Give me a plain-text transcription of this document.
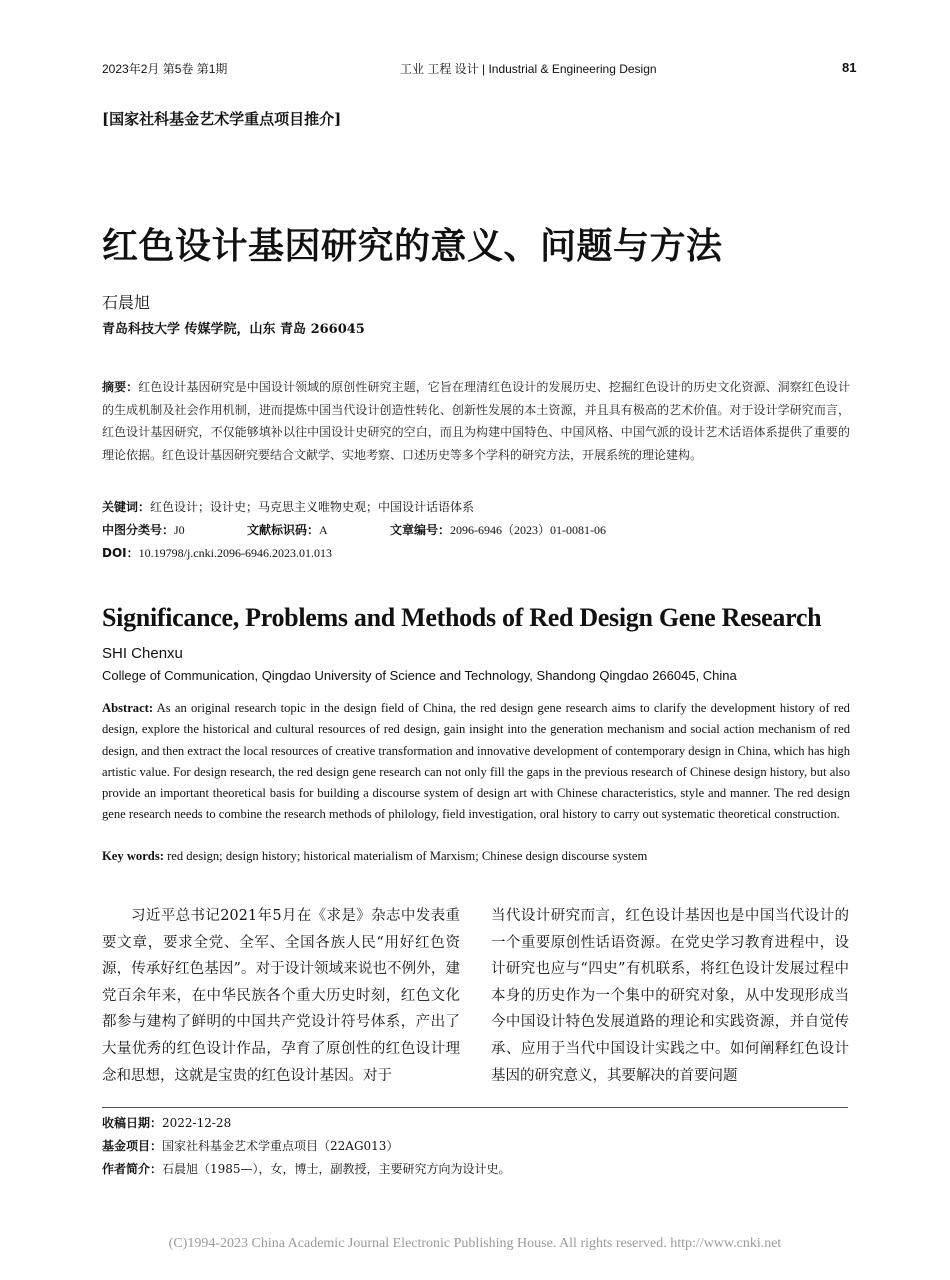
2023年2月 第5卷 第1期	工业 工程 设计 | Industrial & Engineering Design	81
[国家社科基金艺术学重点项目推介]
红色设计基因研究的意义、问题与方法
石晨旭
青岛科技大学 传媒学院，山东 青岛 266045
摘要：红色设计基因研究是中国设计领域的原创性研究主题，它旨在理清红色设计的发展历史、挖掘红色设计的历史文化资源、洞察红色设计的生成机制及社会作用机制，进而提炼中国当代设计创造性转化、创新性发展的本土资源，并且具有极高的艺术价值。对于设计学研究而言，红色设计基因研究，不仅能够填补以往中国设计史研究的空白，而且为构建中国特色、中国风格、中国气派的设计艺术话语体系提供了重要的理论依据。红色设计基因研究要结合文献学、实地考察、口述历史等多个学科的研究方法，开展系统的理论建构。
关键词：红色设计；设计史；马克思主义唯物史观；中国设计话语体系
中图分类号：J0	文献标识码：A	文章编号：2096-6946（2023）01-0081-06
DOI：10.19798/j.cnki.2096-6946.2023.01.013
Significance, Problems and Methods of Red Design Gene Research
SHI Chenxu
College of Communication, Qingdao University of Science and Technology, Shandong Qingdao 266045, China
Abstract: As an original research topic in the design field of China, the red design gene research aims to clarify the development history of red design, explore the historical and cultural resources of red design, gain insight into the generation mechanism and social action mechanism of red design, and then extract the local resources of creative transformation and innovative development of contemporary design in China, which has high artistic value. For design research, the red design gene research can not only fill the gaps in the previous research of Chinese design history, but also provide an important theoretical basis for building a discourse system of design art with Chinese characteristics, style and manner. The red design gene research needs to combine the research methods of philology, field investigation, oral history to carry out systematic theoretical construction.
Key words: red design; design history; historical materialism of Marxism; Chinese design discourse system
习近平总书记2021年5月在《求是》杂志中发表重要文章，要求全党、全军、全国各族人民“用好红色资源，传承好红色基因”。对于设计领域来说也不例外，建党百余年来，在中华民族各个重大历史时刻，红色文化都参与建构了鲜明的中国共产党设计符号体系，产出了大量优秀的红色设计作品，孕育了原创性的红色设计理念和思想，这就是宝贵的红色设计基因。对于
当代设计研究而言，红色设计基因也是中国当代设计的一个重要原创性话语资源。在党史学习教育进程中，设计研究也应与“四史”有机联系，将红色设计发展过程中本身的历史作为一个集中的研究对象，从中发现形成当今中国设计特色发展道路的理论和实践资源，并自觉传承、应用于当代中国设计实践之中。如何阐释红色设计基因的研究意义，其要解决的首要问题
收稿日期：2022-12-28
基金项目：国家社科基金艺术学重点项目（22AG013）
作者简介：石晨旭（1985—），女，博士，副教授，主要研究方向为设计史。
(C)1994-2023 China Academic Journal Electronic Publishing House. All rights reserved. http://www.cnki.net
